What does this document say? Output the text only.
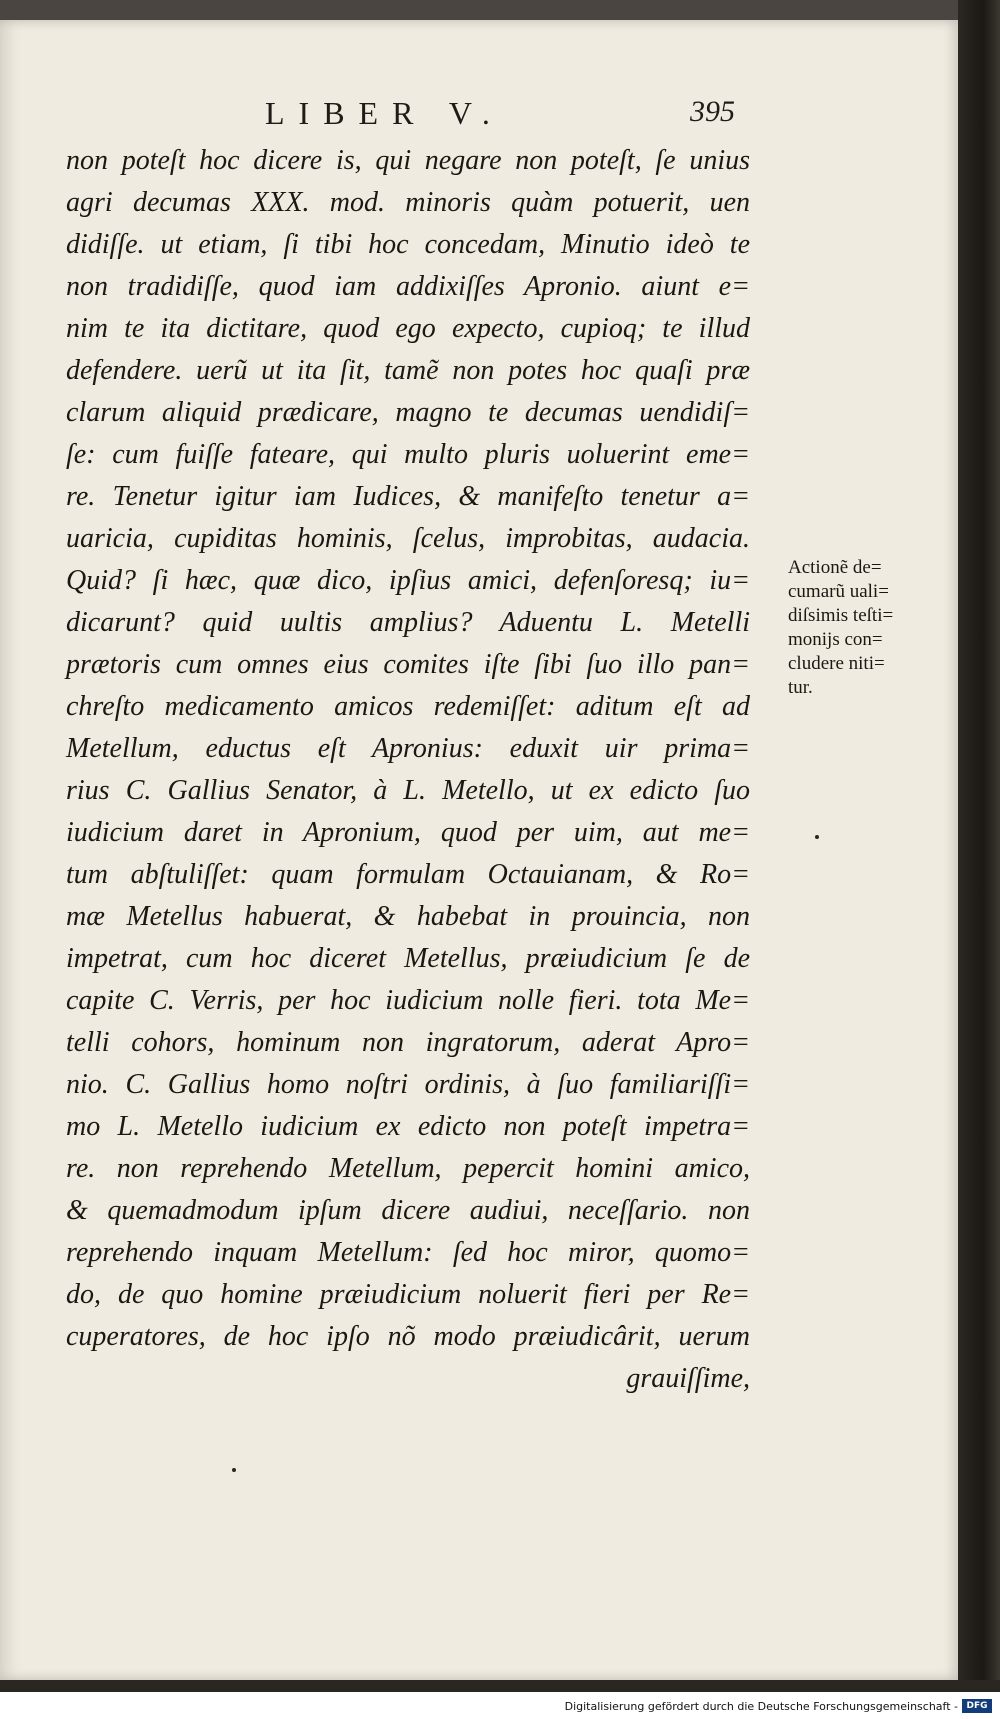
LIBER V.	395
non poteſt hoc dicere is, qui negare non poteſt, ſe unius
agri decumas XXX. mod. minoris quàm potuerit, uen
didiſſe. ut etiam, ſi tibi hoc concedam, Minutio ideò te
non tradidiſſe, quod iam addixiſſes Apronio. aiunt e=
nim te ita dictitare, quod ego expecto, cupioq; te illud
defendere. uerũ ut ita ſit, tamẽ non potes hoc quaſi præ
clarum aliquid prædicare, magno te decumas uendidiſ=
ſe: cum fuiſſe fateare, qui multo pluris uoluerint eme=
re. Tenetur igitur iam Iudices, & manifeſto tenetur a=
uaricia, cupiditas hominis, ſcelus, improbitas, audacia.
Quid? ſi hæc, quæ dico, ipſius amici, defenſoresq; iu=
dicarunt? quid uultis amplius? Aduentu L. Metelli
prætoris cum omnes eius comites iſte ſibi ſuo illo pan=
chreſto medicamento amicos redemiſſet: aditum eſt ad
Metellum, eductus eſt Apronius: eduxit uir prima=
rius C. Gallius Senator, à L. Metello, ut ex edicto ſuo
iudicium daret in Apronium, quod per uim, aut me=
tum abſtuliſſet: quam formulam Octauianam, & Ro=
mæ Metellus habuerat, & habebat in prouincia, non
impetrat, cum hoc diceret Metellus, præiudicium ſe de
capite C. Verris, per hoc iudicium nolle fieri. tota Me=
telli cohors, hominum non ingratorum, aderat Apro=
nio. C. Gallius homo noſtri ordinis, à ſuo familiariſſi=
mo L. Metello iudicium ex edicto non poteſt impetra=
re. non reprehendo Metellum, pepercit homini amico,
& quemadmodum ipſum dicere audiui, neceſſario. non
reprehendo inquam Metellum: ſed hoc miror, quomo=
do, de quo homine præiudicium noluerit fieri per Re=
cuperatores, de hoc ipſo nõ modo præiudicârit, uerum
grauiſſime,
Actionẽ de=
cumarũ uali=
diſsimis teſti=
monijs con=
cludere niti=
tur.
Digitalisierung gefördert durch die Deutsche Forschungsgemeinschaft - DFG
